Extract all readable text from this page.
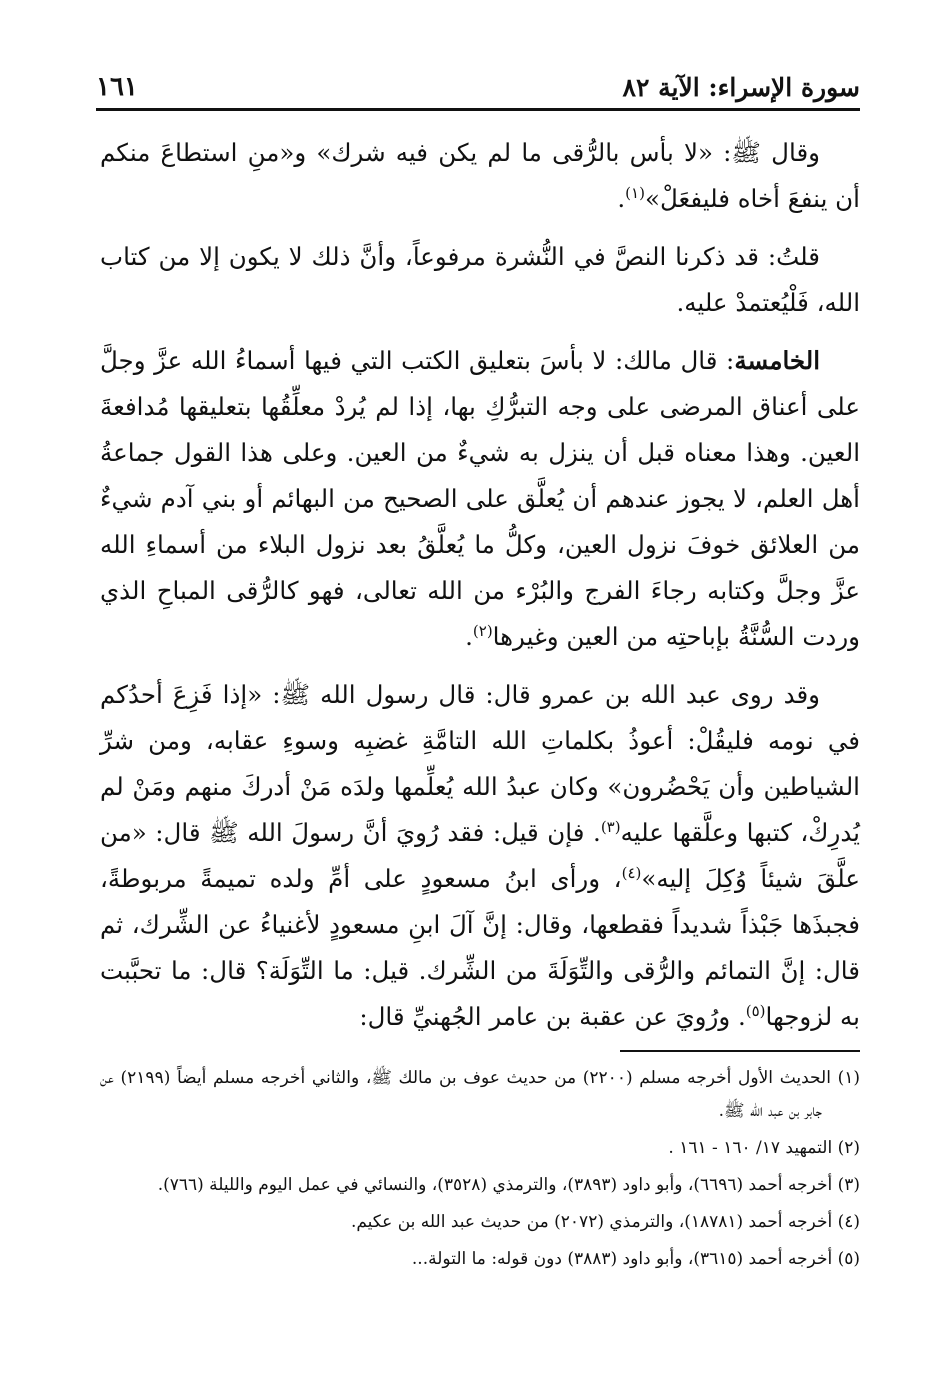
سورة الإسراء: الآية ٨٢
١٦١

وقال ﷺ: «لا بأس بالرُّقى ما لم يكن فيه شرك» و«منِ استطاعَ منكم أن ينفعَ أخاه فليفعَلْ»$^{(١)}$.

قلتُ: قد ذكرنا النصَّ في النُّشرة مرفوعاً، وأنَّ ذلك لا يكون إلا من كتاب الله، فَلْيُعتمدْ عليه.

الخامسة: قال مالك: لا بأسَ بتعليق الكتب التي فيها أسماءُ الله عزَّ وجلَّ على أعناق المرضى على وجه التبرُّكِ بها، إذا لم يُردْ معلِّقُها بتعليقها مُدافعةَ العين. وهذا معناه قبل أن ينزل به شيءٌ من العين. وعلى هذا القول جماعةُ أهل العلم، لا يجوز عندهم أن يُعلَّق على الصحيح من البهائم أو بني آدم شيءٌ من العلائق خوفَ نزول العين، وكلُّ ما يُعلَّقُ بعد نزول البلاء من أسماءِ الله عزَّ وجلَّ وكتابه رجاءَ الفرج والبُرْء من الله تعالى، فهو كالرُّقى المباحِ الذي وردت السُّنَّةُ بإباحتِه من العين وغيرها$^{(٢)}$.

وقد روى عبد الله بن عمرو قال: قال رسول الله ﷺ: «إذا فَزِعَ أحدُكم في نومه فليقُلْ: أعوذُ بكلماتِ الله التامَّةِ غضبِه وسوءِ عقابه، ومن شرِّ الشياطين وأن يَحْضُرون» وكان عبدُ الله يُعلِّمها ولدَه مَنْ أدركَ منهم ومَنْ لم يُدرِكْ، كتبها وعلَّقها عليه$^{(٣)}$. فإن قيل: فقد رُويَ أنَّ رسولَ الله ﷺ قال: «من علَّقَ شيئاً وُكِلَ إليه»$^{(٤)}$، ورأى ابنُ مسعودٍ على أمِّ ولده تميمةً مربوطةً، فجبذَها جَبْذاً شديداً فقطعها، وقال: إنَّ آلَ ابنِ مسعودٍ لأغنياءُ عن الشِّرك، ثم قال: إنَّ التمائم والرُّقى والتِّوَلَةَ من الشِّرك. قيل: ما التِّوَلَة؟ قال: ما تحبَّبت به لزوجها$^{(٥)}$. ورُويَ عن عقبة بن عامر الجُهنيِّ قال:

(١) الحديث الأول أخرجه مسلم (٢٢٠٠) من حديث عوف بن مالك ﷺ، والثاني أخرجه مسلم أيضاً (٢١٩٩) عن جابر بن عبد الله ﷺ.

(٢) التمهيد ١٧/ ١٦٠ - ١٦١ .

(٣) أخرجه أحمد (٦٦٩٦)، وأبو داود (٣٨٩٣)، والترمذي (٣٥٢٨)، والنسائي في عمل اليوم والليلة (٧٦٦).

(٤) أخرجه أحمد (١٨٧٨١)، والترمذي (٢٠٧٢) من حديث عبد الله بن عكيم.

(٥) أخرجه أحمد (٣٦١٥)، وأبو داود (٣٨٨٣) دون قوله: ما التولة...
